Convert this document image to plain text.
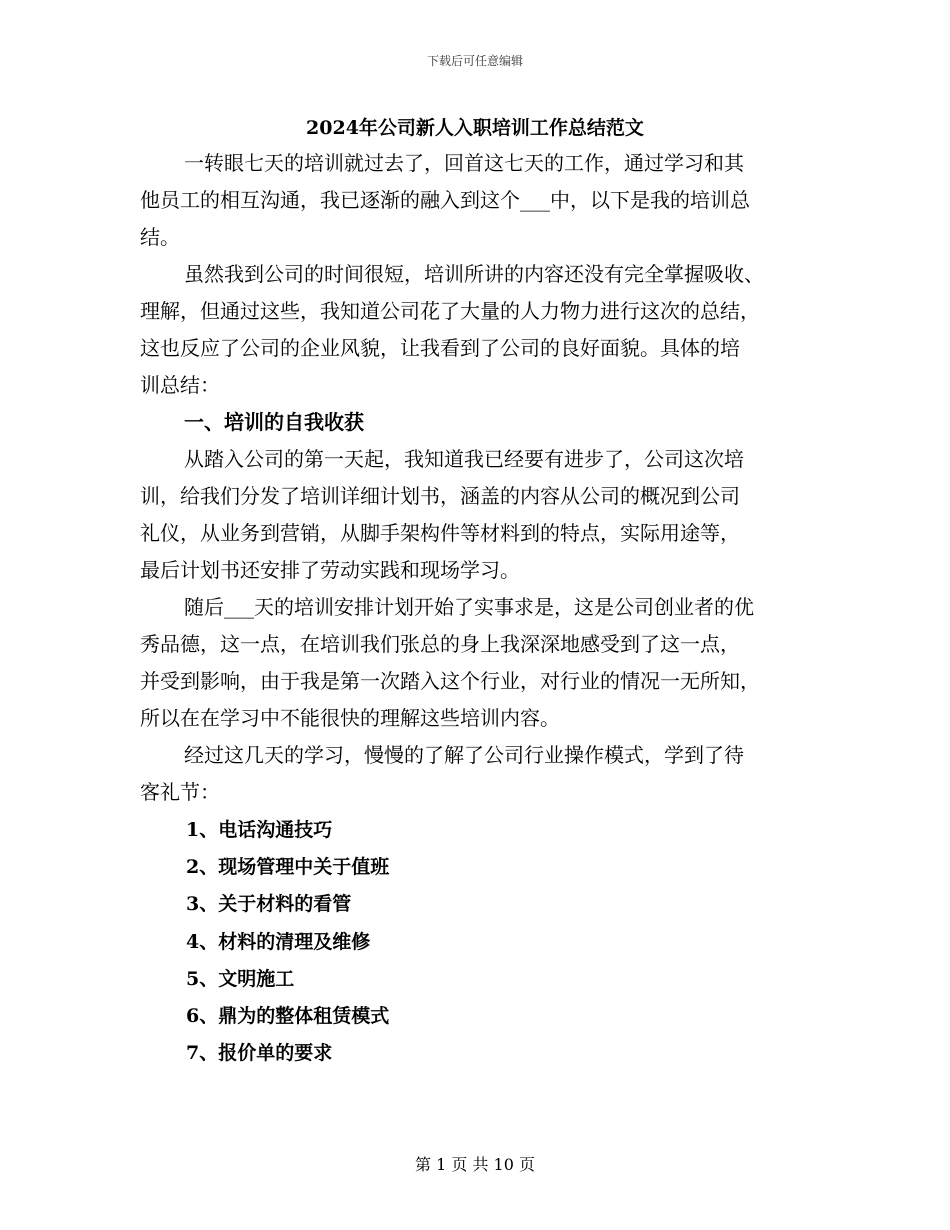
下载后可任意编辑
2024年公司新人入职培训工作总结范文

一转眼七天的培训就过去了，回首这七天的工作，通过学习和其

他员工的相互沟通，我已逐渐的融入到这个___中，以下是我的培训总

结。

虽然我到公司的时间很短，培训所讲的内容还没有完全掌握吸收、

理解，但通过这些，我知道公司花了大量的人力物力进行这次的总结，

这也反应了公司的企业风貌，让我看到了公司的良好面貌。具体的培

训总结：

一、培训的自我收获

从踏入公司的第一天起，我知道我已经要有进步了，公司这次培

训，给我们分发了培训详细计划书，涵盖的内容从公司的概况到公司

礼仪，从业务到营销，从脚手架构件等材料到的特点，实际用途等，

最后计划书还安排了劳动实践和现场学习。

随后___天的培训安排计划开始了实事求是，这是公司创业者的优

秀品德，这一点，在培训我们张总的身上我深深地感受到了这一点，

并受到影响，由于我是第一次踏入这个行业，对行业的情况一无所知，

所以在在学习中不能很快的理解这些培训内容。

经过这几天的学习，慢慢的了解了公司行业操作模式，学到了待

客礼节：

1、电话沟通技巧

2、现场管理中关于值班

3、关于材料的看管

4、材料的清理及维修

5、文明施工

6、鼎为的整体租赁模式

7、报价单的要求

第 1 页 共 10 页
